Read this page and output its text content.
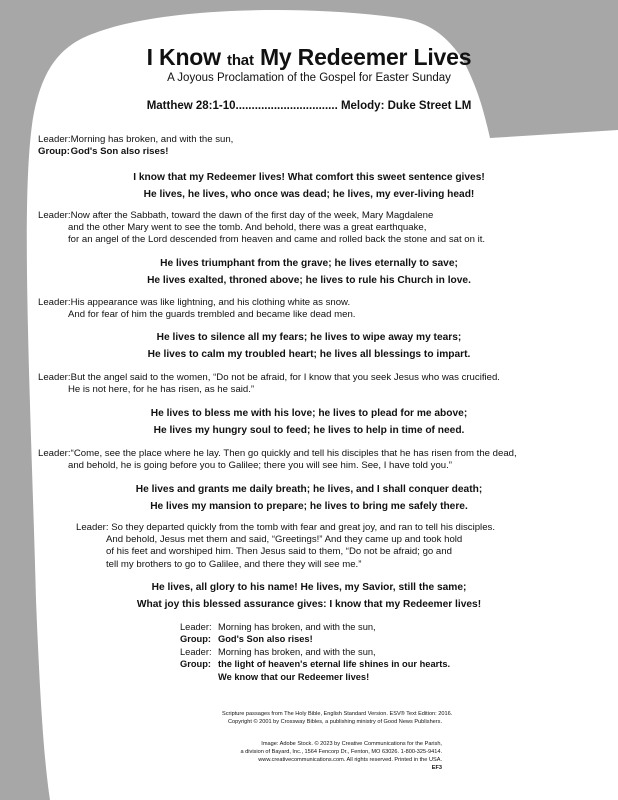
I Know that My Redeemer Lives
A Joyous Proclamation of the Gospel for Easter Sunday
Matthew 28:1-10................................ Melody: Duke Street LM
Leader: Morning has broken, and with the sun,
Group: God's Son also rises!
I know that my Redeemer lives! What comfort this sweet sentence gives!
He lives, he lives, who once was dead; he lives, my ever-living head!
Leader: Now after the Sabbath, toward the dawn of the first day of the week, Mary Magdalene
and the other Mary went to see the tomb. And behold, there was a great earthquake,
for an angel of the Lord descended from heaven and came and rolled back the stone and sat on it.
He lives triumphant from the grave; he lives eternally to save;
He lives exalted, throned above; he lives to rule his Church in love.
Leader: His appearance was like lightning, and his clothing white as snow.
And for fear of him the guards trembled and became like dead men.
He lives to silence all my fears; he lives to wipe away my tears;
He lives to calm my troubled heart; he lives all blessings to impart.
Leader: But the angel said to the women, “Do not be afraid, for I know that you seek Jesus who was crucified.
He is not here, for he has risen, as he said.”
He lives to bless me with his love; he lives to plead for me above;
He lives my hungry soul to feed; he lives to help in time of need.
Leader: “Come, see the place where he lay. Then go quickly and tell his disciples that he has risen from the dead,
and behold, he is going before you to Galilee; there you will see him. See, I have told you.”
He lives and grants me daily breath; he lives, and I shall conquer death;
He lives my mansion to prepare; he lives to bring me safely there.
Leader: So they departed quickly from the tomb with fear and great joy, and ran to tell his disciples.
And behold, Jesus met them and said, “Greetings!” And they came up and took hold
of his feet and worshiped him. Then Jesus said to them, “Do not be afraid; go and
tell my brothers to go to Galilee, and there they will see me.”
He lives, all glory to his name! He lives, my Savior, still the same;
What joy this blessed assurance gives: I know that my Redeemer lives!
Leader: Morning has broken, and with the sun,
Group: God's Son also rises!
Leader: Morning has broken, and with the sun,
Group: the light of heaven's eternal life shines in our hearts.
We know that our Redeemer lives!
Scripture passages from The Holy Bible, English Standard Version. ESV® Text Edition: 2016.
Copyright © 2001 by Crossway Bibles, a publishing ministry of Good News Publishers.
Image: Adobe Stock. © 2023 by Creative Communications for the Parish,
a division of Bayard, Inc., 1564 Fencorp Dr., Fenton, MO 63026. 1-800-325-9414.
www.creativecommunications.com. All rights reserved. Printed in the USA.
EF3
